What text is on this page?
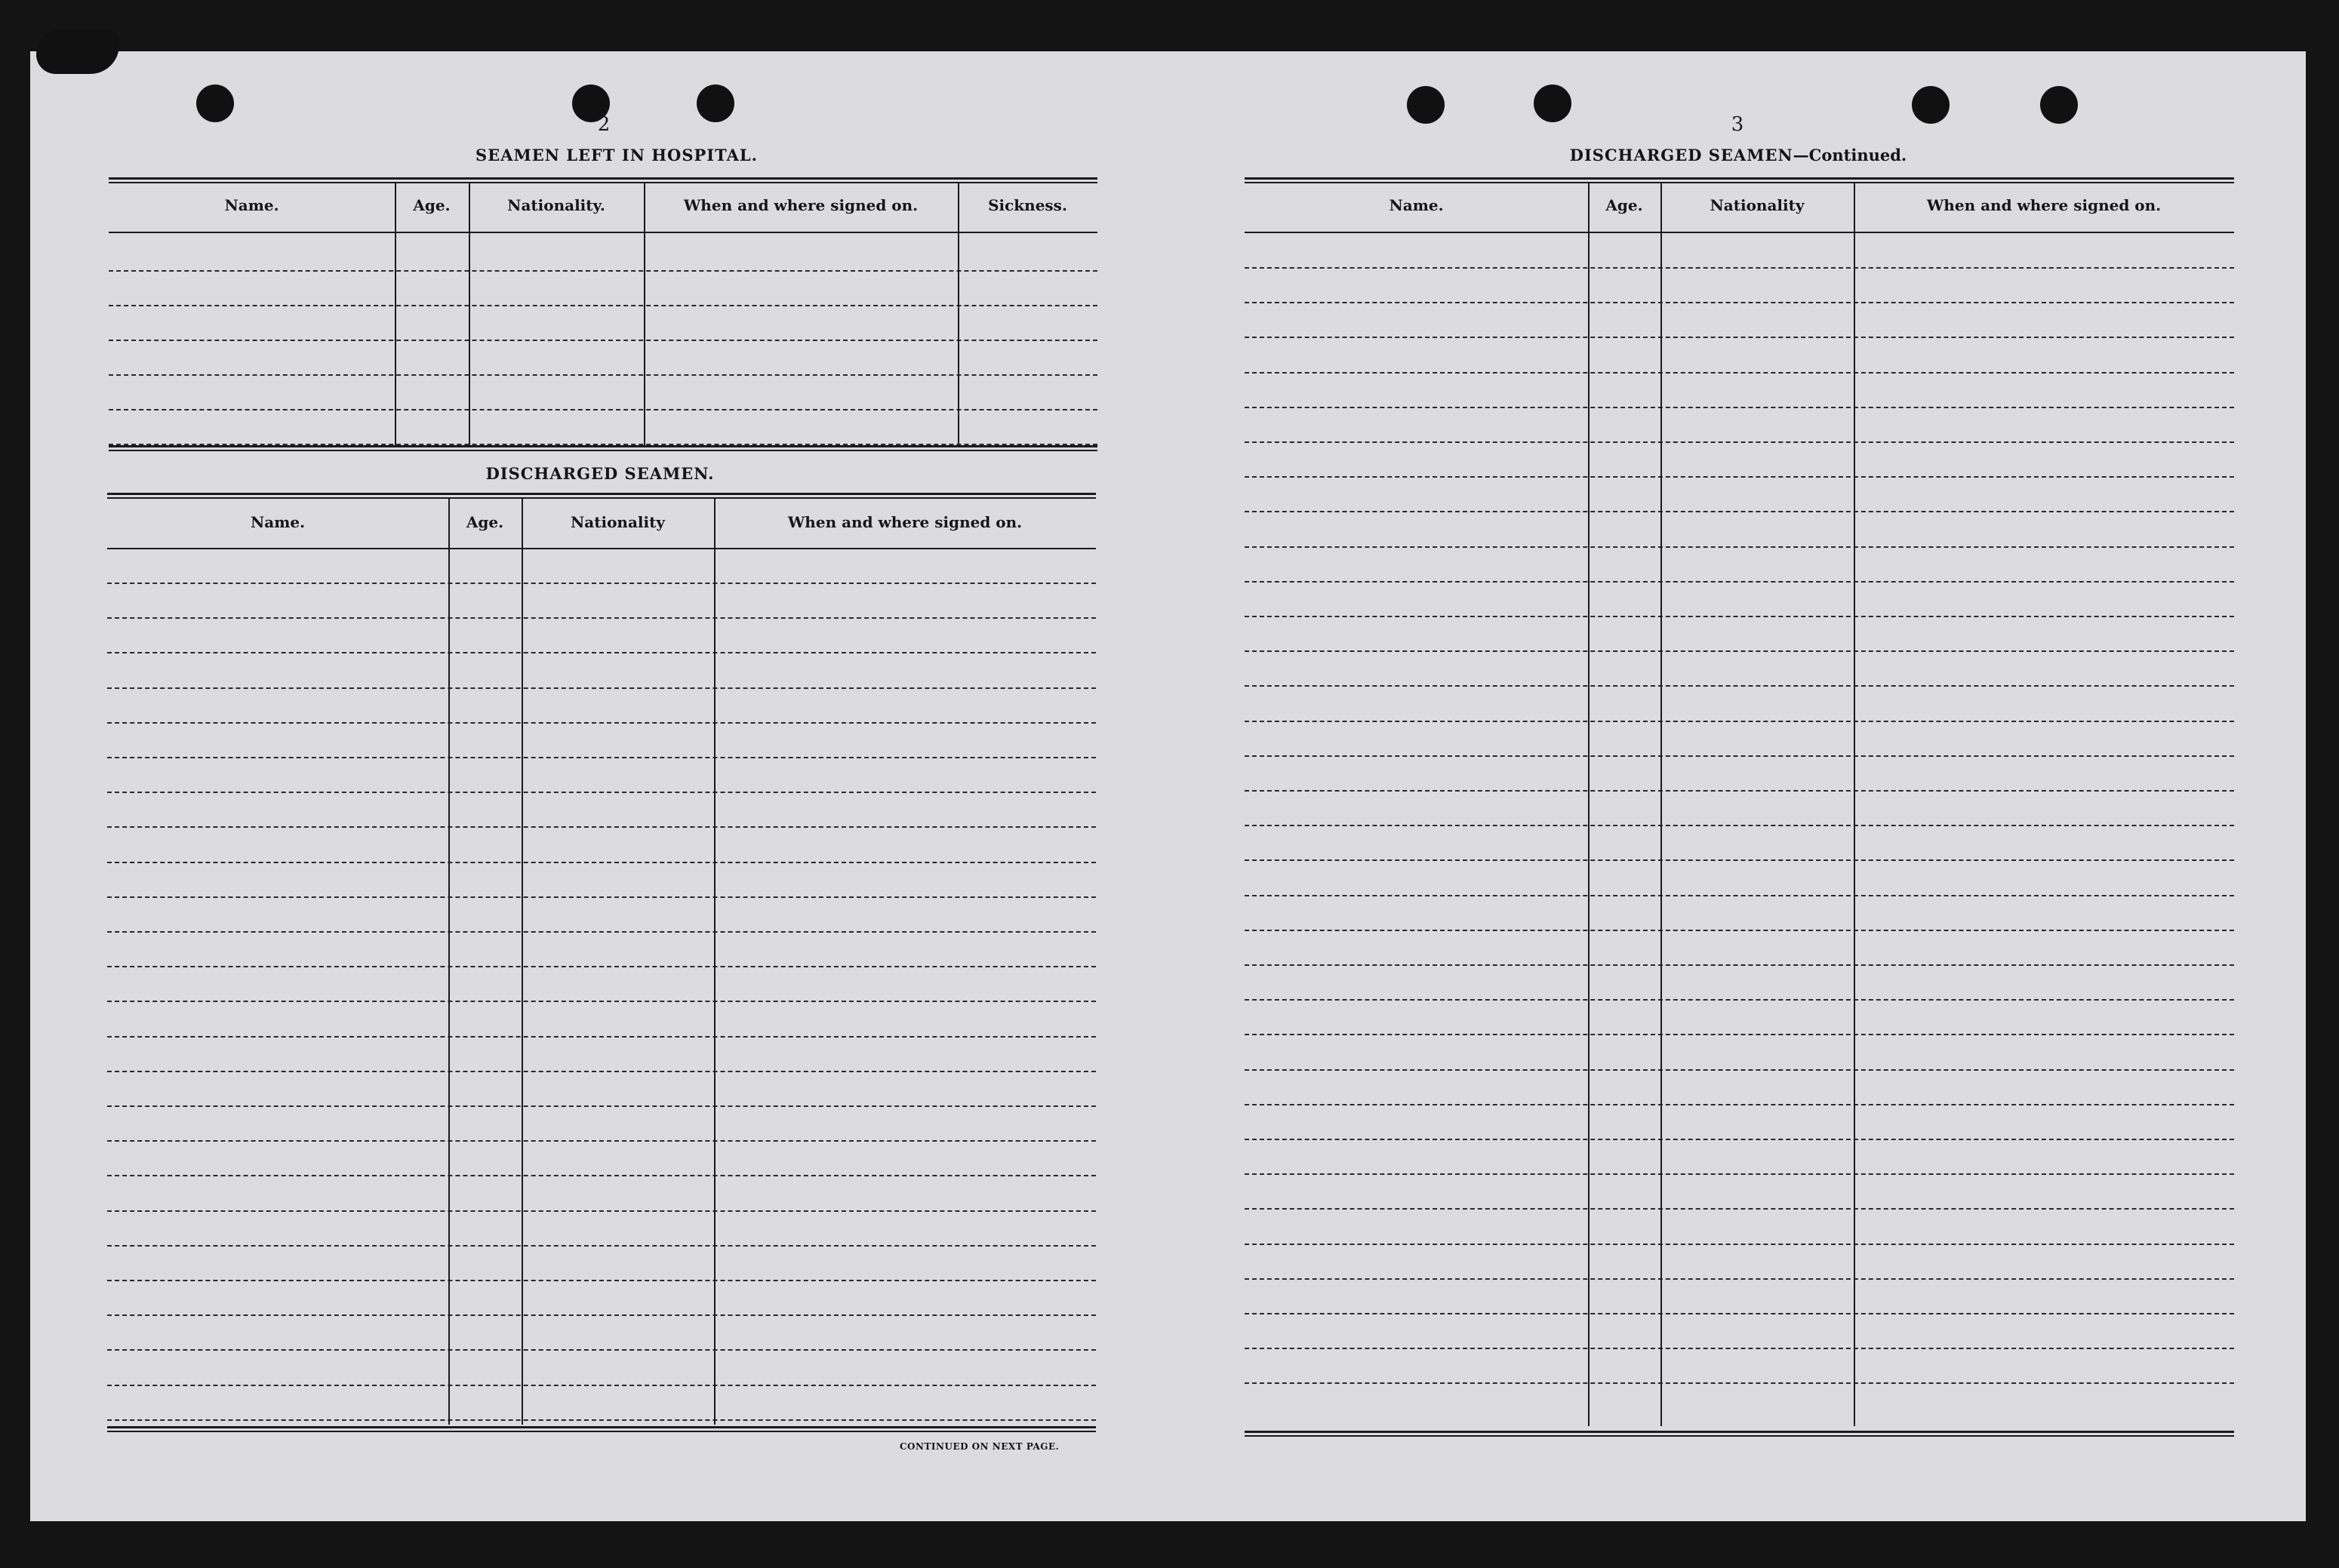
2
SEAMEN LEFT IN HOSPITAL.
DISCHARGED SEAMEN.
CONTINUED ON NEXT PAGE.
3
DISCHARGED SEAMEN—Continued.
Name.	Age.	Nationality.	When and where signed on.	Sickness.
Name.	Age.	Nationality	When and where signed on.
Name.	Age.	Nationality	When and where signed on.
